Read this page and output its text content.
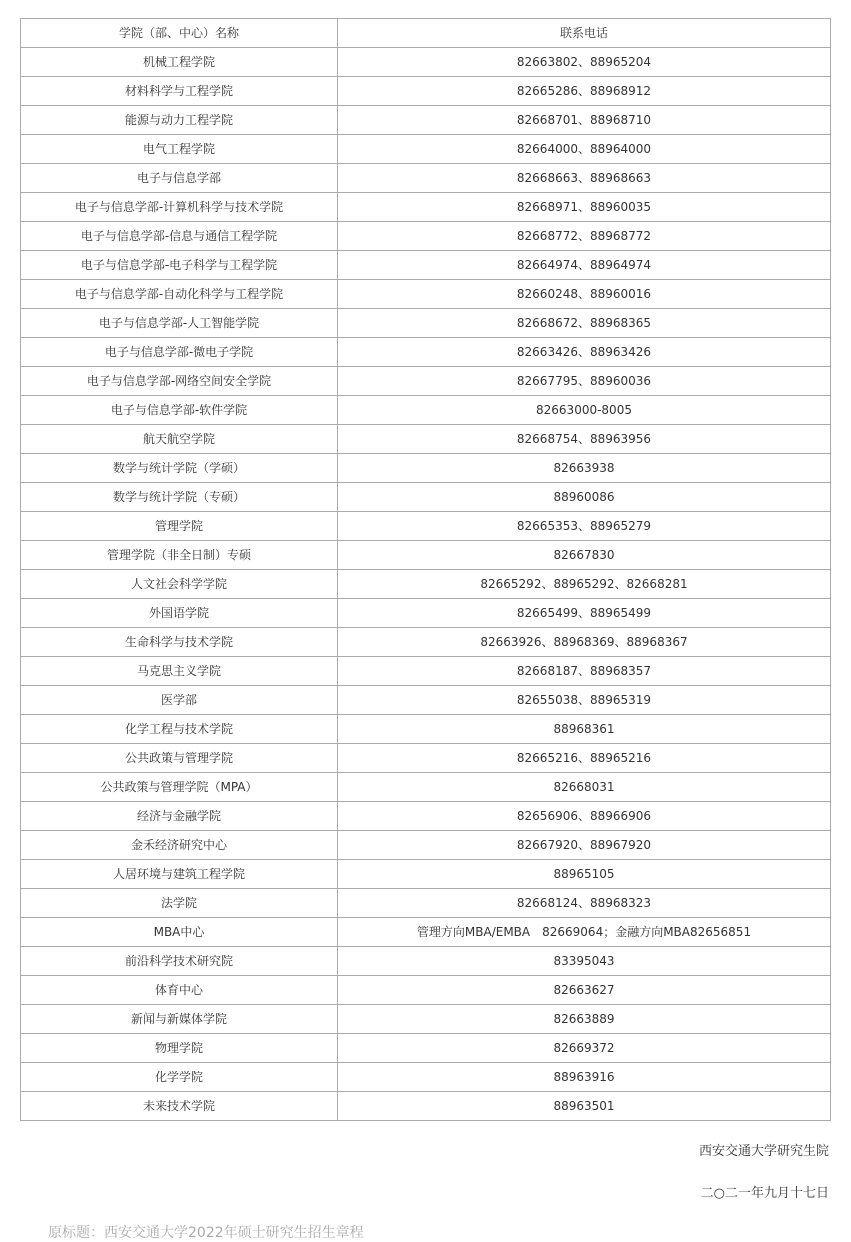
学院（部、中心）名称	联系电话
机械工程学院	82663802、88965204
材料科学与工程学院	82665286、88968912
能源与动力工程学院	82668701、88968710
电气工程学院	82664000、88964000
电子与信息学部	82668663、88968663
电子与信息学部-计算机科学与技术学院	82668971、88960035
电子与信息学部-信息与通信工程学院	82668772、88968772
电子与信息学部-电子科学与工程学院	82664974、88964974
电子与信息学部-自动化科学与工程学院	82660248、88960016
电子与信息学部-人工智能学院	82668672、88968365
电子与信息学部-微电子学院	82663426、88963426
电子与信息学部-网络空间安全学院	82667795、88960036
电子与信息学部-软件学院	82663000-8005
航天航空学院	82668754、88963956
数学与统计学院（学硕）	82663938
数学与统计学院（专硕）	88960086
管理学院	82665353、88965279
管理学院（非全日制）专硕	82667830
人文社会科学学院	82665292、88965292、82668281
外国语学院	82665499、88965499
生命科学与技术学院	82663926、88968369、88968367
马克思主义学院	82668187、88968357
医学部	82655038、88965319
化学工程与技术学院	88968361
公共政策与管理学院	82665216、88965216
公共政策与管理学院（MPA）	82668031
经济与金融学院	82656906、88966906
金禾经济研究中心	82667920、88967920
人居环境与建筑工程学院	88965105
法学院	82668124、88968323
MBA中心	管理方向MBA/EMBA　82669064；金融方向MBA82656851
前沿科学技术研究院	83395043
体育中心	82663627
新闻与新媒体学院	82663889
物理学院	82669372
化学学院	88963916
未来技术学院	88963501
西安交通大学研究生院
二○二一年九月十七日
原标题：西安交通大学2022年硕士研究生招生章程
